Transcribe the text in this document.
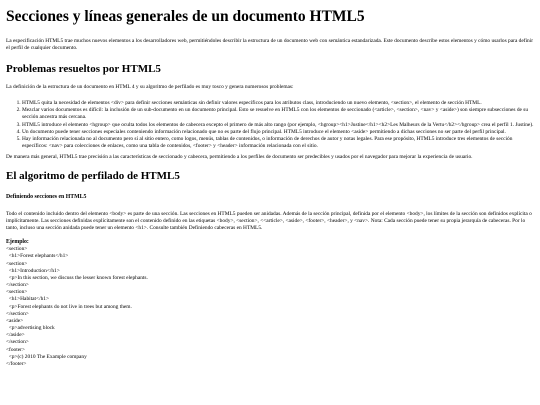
Secciones y líneas generales de un documento HTML5

La especificación HTML5 trae muchos nuevos elementos a los desarrolladores web, permitiéndoles describir la estructura de un documento web con semántica estandarizada. Este documento describe estos elementos y cómo usarlos para definir el perfil de cualquier documento.

Problemas resueltos por HTML5

La definición de la estructura de un documento en HTML 4 y su algoritmo de perfilado es muy tosco y genera numerosos problemas:

1. HTML5 quita la necesidad de elementos <div> para definir secciones semánticas sin definir valores específicos para los atributos class, introduciendo un nuevo elemento, <section>, el elemento de sección HTML.
2. Mezclar varios documentos es difícil: la inclusión de un sub-documento en un documento principal. Esto se resuelve en HTML5 con los elementos de seccionado (<article>, <section>, <nav> y <aside>) son siempre subsecciones de su sección ancestra más cercana.
3. HTML5 introduce el elemento <hgroup> que oculta todos los elementos de cabecera excepto el primero de más alto rango (por ejemplo, <hgroup><h1>Justine</h1><h2>Les Malheurs de la Vertu</h2></hgroup> crea el perfil 1. Justine).
4. Un documento puede tener secciones especiales conteniendo información relacionado que no es parte del flujo principal. HTML5 introduce el elemento <aside> permitiendo a dichas secciones no ser parte del perfil principal.
5. Hay información relacionada no al documento pero sí al sitio entero, como logos, menús, tablas de contenidos, o información de derechos de autor y notas legales. Para ese propósito, HTML5 introduce tres elementos de sección específicos: <nav> para colecciones de enlaces, como una tabla de contenidos, <footer> y <header> información relacionada con el sitio.

De manera más general, HTML5 trae precisión a las características de seccionado y cabecera, permitiendo a los perfiles de documento ser predecibles y usados por el navegador para mejorar la experiencia de usuario.

El algoritmo de perfilado de HTML5
Definiendo secciones en HTML5

Todo el contenido incluido dentro del elemento <body> es parte de una sección. Las secciones en HTML5 pueden ser anidadas. Además de la sección principal, definida por el elemento <body>, los límites de la sección son definidos explícita o implícitamente. Las secciones definidas explícitamente son el contenido definido en las etiquetas <body>, <section>, <<article>, <aside>, <footer>, <header>, y <nav>. Nota: Cada sección puede tener su propia jerarquía de cabeceras. Por lo tanto, incluso una sección anidada puede tener un elemento <h1>. Consulte también Definiendo cabeceras en HTML5.

Ejemplo:
<section>
<h1>Forest elephants</h1>
<section>
<h1>Introduction</h1>
<p>In this section, we discuss the lesser known forest elephants.
</section>
<section>
<h1>Habitat</h1>
<p>Forest elephants do not live in trees but among them.
</section>
<aside>
<p>advertising block
</aside>
</section>
<footer>
<p>(c) 2010 The Example company
</footer>
